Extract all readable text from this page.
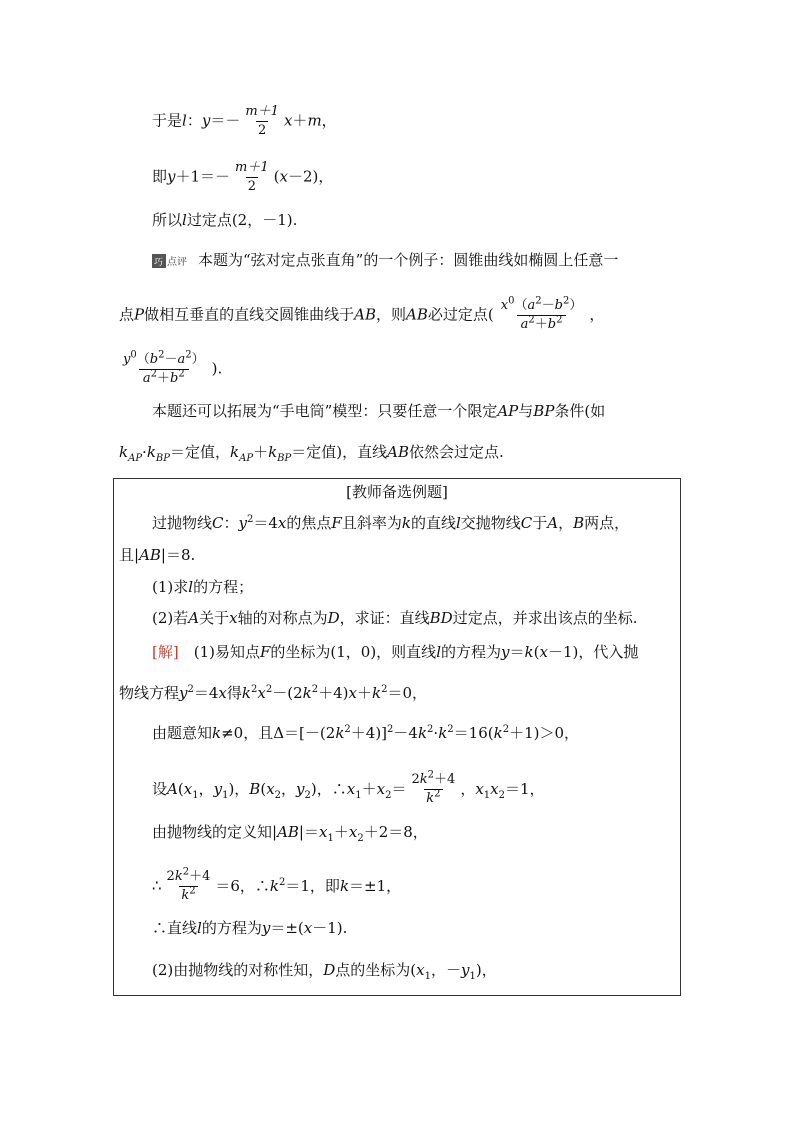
于是l：$y=- \frac{m+1}{2} x+m$，
即$y+1=- \frac{m+1}{2} (x-2)$，
所以l过定点(2，－1).
巧 点评 本题为“弦对定点张直角”的一个例子：圆锥曲线如椭圆上任意一
点P做相互垂直的直线交圆锥曲线于AB，则AB必过定点( $\frac{x^0(a^2-b^2)}{a^2+b^2}$ ，
$\frac{y^0(b^2-a^2)}{a^2+b^2}$ ).
本题还可以拓展为“手电筒”模型：只要任意一个限定AP与BP条件(如
$k_{AP}\cdot k_{BP}=$定值，$k_{AP}+k_{BP}=$定值)，直线AB依然会过定点.
[教师备选例题]
过抛物线C：$y^2=4x$的焦点F且斜率为k的直线l交抛物线C于A，B两点，
且|AB|＝8.
(1)求l的方程；
(2)若A关于x轴的对称点为D，求证：直线BD过定点，并求出该点的坐标.
[解]　(1)易知点F的坐标为(1，0)，则直线l的方程为y＝k(x－1)，代入抛
物线方程$y^2=4x$得$k^2x^2-(2k^2+4)x+k^2=0$，
由题意知k≠0，且$\Delta=[-(2k^2+4)]^2-4k^2\cdot k^2=16(k^2+1)>0$，
设$A(x_1$，$y_1$)，$B(x_2$，$y_2$)，$\therefore x_1+x_2= \frac{2k^2+4}{k^2}$ ，$x_1x_2=1$，
由抛物线的定义知$|AB|=x_1+x_2+2=8$，
∴ $\frac{2k^2+4}{k^2} =6$，$\therefore k^2=1$，即k＝±1，
∴直线l的方程为y＝±(x－1).
(2)由抛物线的对称性知，D点的坐标为($x_1$，$-y_1$)，
